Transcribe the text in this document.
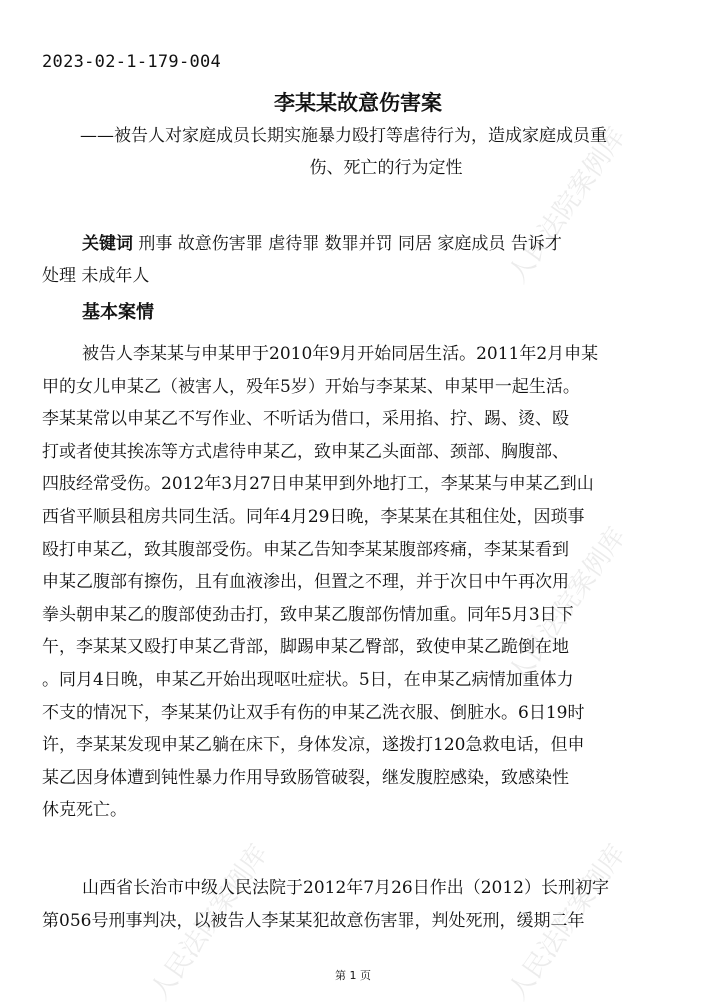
人民法院案例库
人民法院案例库
人民法院案例库	人民法院案例库
2023-02-1-179-004
李某某故意伤害案
——被告人对家庭成员长期实施暴力殴打等虐待行为，造成家庭成员重
伤、死亡的行为定性
关键词 刑事 故意伤害罪 虐待罪 数罪并罚 同居 家庭成员 告诉才
处理 未成年人
基本案情
被告人李某某与申某甲于2010年9月开始同居生活。2011年2月申某
甲的女儿申某乙（被害人，殁年5岁）开始与李某某、申某甲一起生活。
李某某常以申某乙不写作业、不听话为借口，采用掐、拧、踢、烫、殴
打或者使其挨冻等方式虐待申某乙，致申某乙头面部、颈部、胸腹部、
四肢经常受伤。2012年3月27日申某甲到外地打工，李某某与申某乙到山
西省平顺县租房共同生活。同年4月29日晚，李某某在其租住处，因琐事
殴打申某乙，致其腹部受伤。申某乙告知李某某腹部疼痛，李某某看到
申某乙腹部有擦伤，且有血液渗出，但置之不理，并于次日中午再次用
拳头朝申某乙的腹部使劲击打，致申某乙腹部伤情加重。同年5月3日下
午，李某某又殴打申某乙背部，脚踢申某乙臀部，致使申某乙跪倒在地
。同月4日晚，申某乙开始出现呕吐症状。5日，在申某乙病情加重体力
不支的情况下，李某某仍让双手有伤的申某乙洗衣服、倒脏水。6日19时
许，李某某发现申某乙躺在床下，身体发凉，遂拨打120急救电话，但申
某乙因身体遭到钝性暴力作用导致肠管破裂，继发腹腔感染，致感染性
休克死亡。
山西省长治市中级人民法院于2012年7月26日作出（2012）长刑初字
第056号刑事判决，以被告人李某某犯故意伤害罪，判处死刑，缓期二年
第 1 页
